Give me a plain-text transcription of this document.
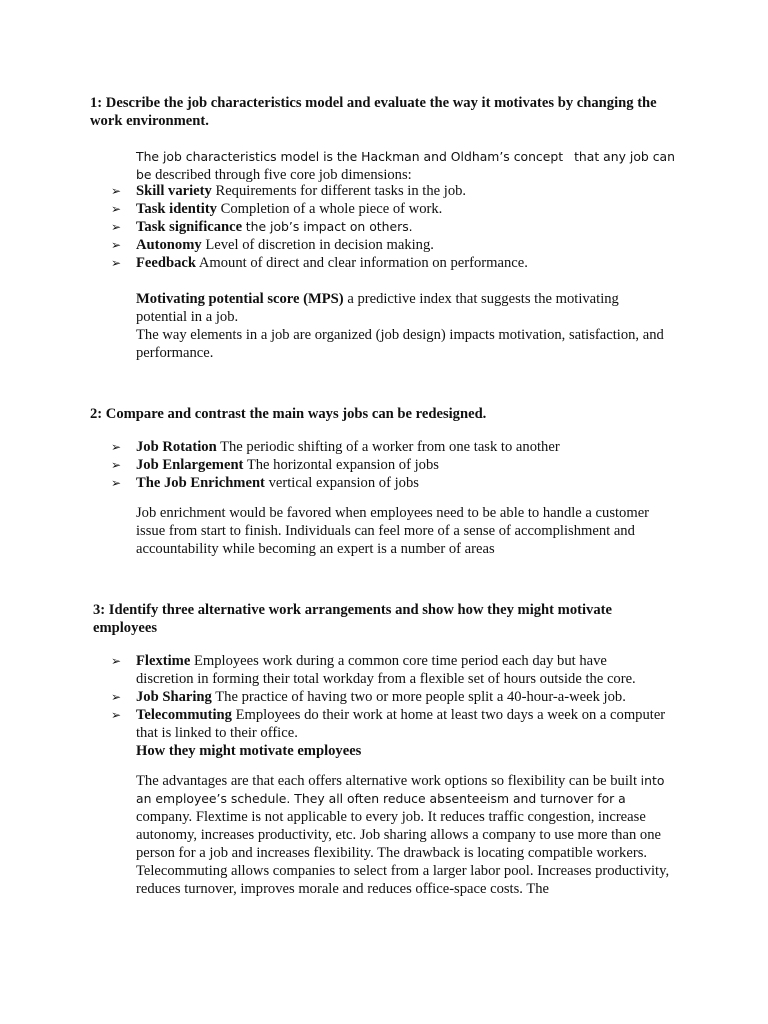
1: Describe the job characteristics model and evaluate the way it motivates by changing the work environment.

The job characteristics model is the Hackman and Oldham’s concept that any job can be described through five core job dimensions:

➢	Skill variety Requirements for different tasks in the job.
➢	Task identity Completion of a whole piece of work.
➢	Task significance the job’s impact on others.
➢	Autonomy Level of discretion in decision making.
➢	Feedback Amount of direct and clear information on performance.

Motivating potential score (MPS) a predictive index that suggests the motivating potential in a job.

The way elements in a job are organized (job design) impacts motivation, satisfaction, and performance.

2: Compare and contrast the main ways jobs can be redesigned.

➢	Job Rotation The periodic shifting of a worker from one task to another
➢	Job Enlargement The horizontal expansion of jobs
➢	The Job Enrichment vertical expansion of jobs

Job enrichment would be favored when employees need to be able to handle a customer issue from start to finish. Individuals can feel more of a sense of accomplishment and accountability while becoming an expert is a number of areas

3: Identify three alternative work arrangements and show how they might motivate employees

➢	Flextime Employees work during a common core time period each day but have discretion in forming their total workday from a flexible set of hours outside the core.
➢	Job Sharing The practice of having two or more people split a 40-hour-a-week job.
➢	Telecommuting Employees do their work at home at least two days a week on a computer that is linked to their office.

How they might motivate employees

The advantages are that each offers alternative work options so flexibility can be built into an employee’s schedule. They all often reduce absenteeism and turnover for a company. Flextime is not applicable to every job. It reduces traffic congestion, increase autonomy, increases productivity, etc. Job sharing allows a company to use more than one person for a job and increases flexibility. The drawback is locating compatible workers. Telecommuting allows companies to select from a larger labor pool. Increases productivity, reduces turnover, improves morale and reduces office-space costs. The
